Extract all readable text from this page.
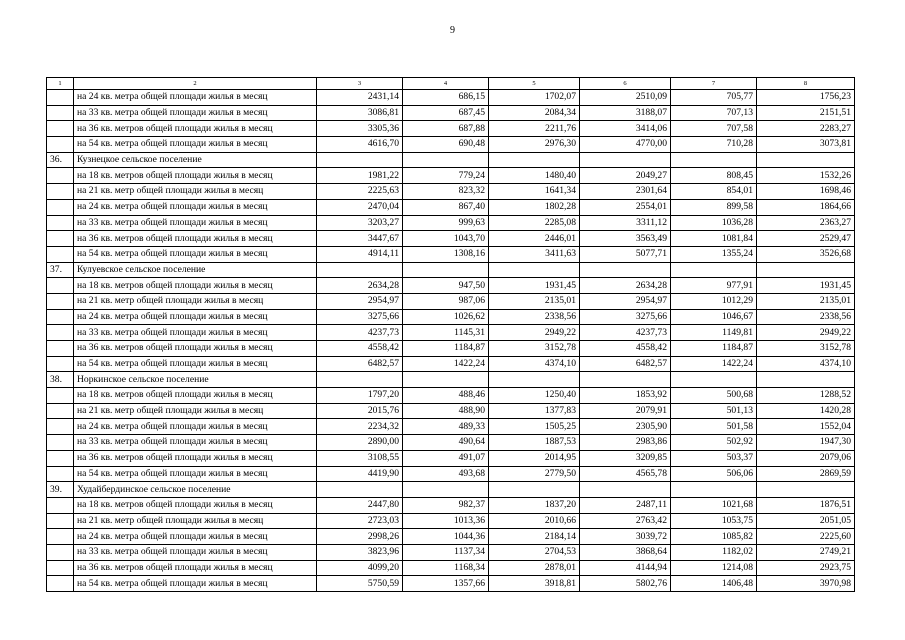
9
1	2	3	4	5	6	7	8
	на 24 кв. метра общей площади жилья в месяц	2431,14	686,15	1702,07	2510,09	705,77	1756,23
	на 33 кв. метра общей площади жилья в месяц	3086,81	687,45	2084,34	3188,07	707,13	2151,51
	на 36 кв. метров общей площади жилья в месяц	3305,36	687,88	2211,76	3414,06	707,58	2283,27
	на 54 кв. метра общей площади жилья в месяц	4616,70	690,48	2976,30	4770,00	710,28	3073,81
36.	Кузнецкое сельское поселение						
	на 18 кв. метров общей площади жилья в месяц	1981,22	779,24	1480,40	2049,27	808,45	1532,26
	на 21 кв. метр общей площади жилья в месяц	2225,63	823,32	1641,34	2301,64	854,01	1698,46
	на 24 кв. метра общей площади жилья в месяц	2470,04	867,40	1802,28	2554,01	899,58	1864,66
	на 33 кв. метра общей площади жилья в месяц	3203,27	999,63	2285,08	3311,12	1036,28	2363,27
	на 36 кв. метров общей площади жилья в месяц	3447,67	1043,70	2446,01	3563,49	1081,84	2529,47
	на 54 кв. метра общей площади жилья в месяц	4914,11	1308,16	3411,63	5077,71	1355,24	3526,68
37.	Кулуевское сельское поселение						
	на 18 кв. метров общей площади жилья в месяц	2634,28	947,50	1931,45	2634,28	977,91	1931,45
	на 21 кв. метр общей площади жилья в месяц	2954,97	987,06	2135,01	2954,97	1012,29	2135,01
	на 24 кв. метра общей площади жилья в месяц	3275,66	1026,62	2338,56	3275,66	1046,67	2338,56
	на 33 кв. метра общей площади жилья в месяц	4237,73	1145,31	2949,22	4237,73	1149,81	2949,22
	на 36 кв. метров общей площади жилья в месяц	4558,42	1184,87	3152,78	4558,42	1184,87	3152,78
	на 54 кв. метра общей площади жилья в месяц	6482,57	1422,24	4374,10	6482,57	1422,24	4374,10
38.	Норкинское сельское поселение						
	на 18 кв. метров общей площади жилья в месяц	1797,20	488,46	1250,40	1853,92	500,68	1288,52
	на 21 кв. метр общей площади жилья в месяц	2015,76	488,90	1377,83	2079,91	501,13	1420,28
	на 24 кв. метра общей площади жилья в месяц	2234,32	489,33	1505,25	2305,90	501,58	1552,04
	на 33 кв. метра общей площади жилья в месяц	2890,00	490,64	1887,53	2983,86	502,92	1947,30
	на 36 кв. метров общей площади жилья в месяц	3108,55	491,07	2014,95	3209,85	503,37	2079,06
	на 54 кв. метра общей площади жилья в месяц	4419,90	493,68	2779,50	4565,78	506,06	2869,59
39.	Худайбердинское сельское поселение						
	на 18 кв. метров общей площади жилья в месяц	2447,80	982,37	1837,20	2487,11	1021,68	1876,51
	на 21 кв. метр общей площади жилья в месяц	2723,03	1013,36	2010,66	2763,42	1053,75	2051,05
	на 24 кв. метра общей площади жилья в месяц	2998,26	1044,36	2184,14	3039,72	1085,82	2225,60
	на 33 кв. метра общей площади жилья в месяц	3823,96	1137,34	2704,53	3868,64	1182,02	2749,21
	на 36 кв. метров общей площади жилья в месяц	4099,20	1168,34	2878,01	4144,94	1214,08	2923,75
	на 54 кв. метра общей площади жилья в месяц	5750,59	1357,66	3918,81	5802,76	1406,48	3970,98
